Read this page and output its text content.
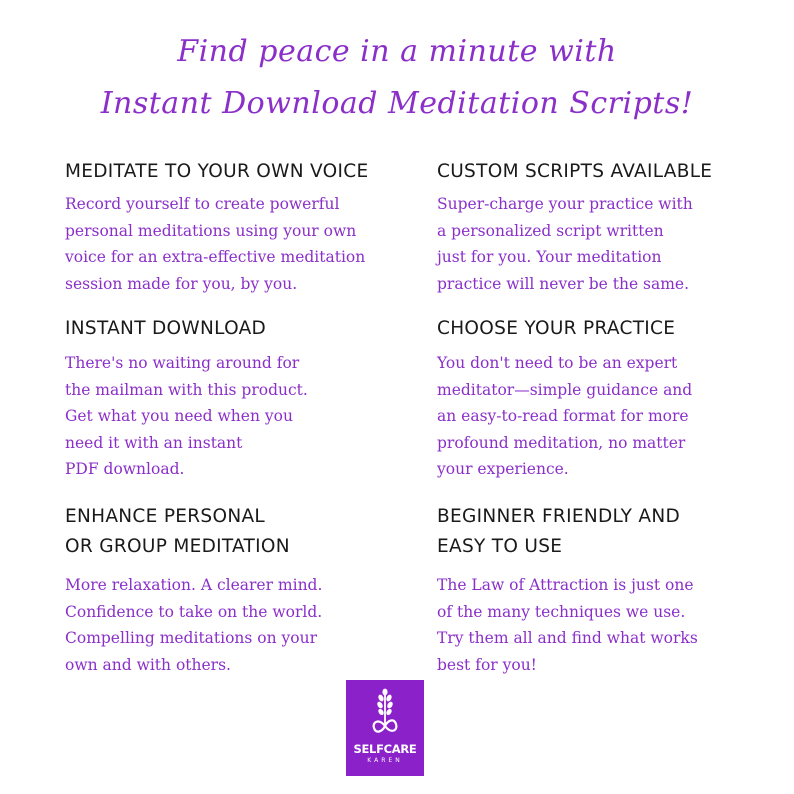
Find peace in a minute with
Instant Download Meditation Scripts!
MEDITATE TO YOUR OWN VOICE

Record yourself to create powerful
personal meditations using your own
voice for an extra-effective meditation
session made for you, by you.

CUSTOM SCRIPTS AVAILABLE

Super-charge your practice with
a personalized script written
just for you. Your meditation
practice will never be the same.

INSTANT DOWNLOAD

There's no waiting around for
the mailman with this product.
Get what you need when you
need it with an instant
PDF download.

CHOOSE YOUR PRACTICE

You don't need to be an expert
meditator—simple guidance and
an easy-to-read format for more
profound meditation, no matter
your experience.

ENHANCE PERSONAL
OR GROUP MEDITATION

More relaxation. A clearer mind.
Confidence to take on the world.
Compelling meditations on your
own and with others.

BEGINNER FRIENDLY AND
EASY TO USE

The Law of Attraction is just one
of the many techniques we use.
Try them all and find what works
best for you!

SELFCARE
KAREN
